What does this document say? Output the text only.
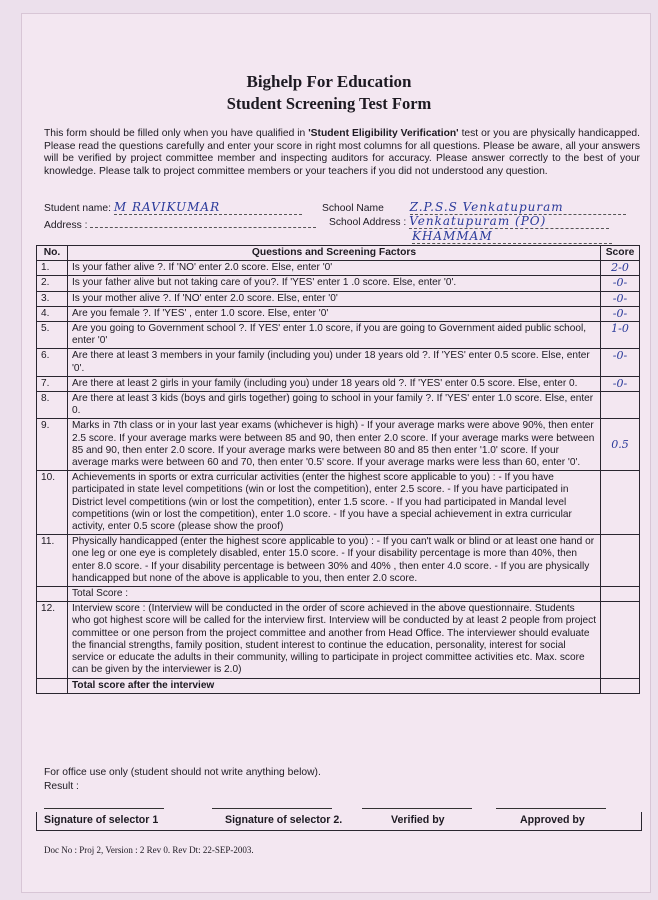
Bighelp For Education
Student Screening Test Form
This form should be filled only when you have qualified in 'Student Eligibility Verification' test or you are physically handicapped. Please read the questions carefully and enter your score in right most columns for all questions. Please be aware, all your answers will be verified by project committee member and inspecting auditors for accuracy. Please answer correctly to the best of your knowledge. Please talk to project committee members or your teachers if you did not understood any question.
Student name: M RAVIKUMAR	School Name Z.P.S.S Venkatupuram
Address :	School Address : Venkatupuram (PO)
KHAMMAM
No.	Questions and Screening Factors	Score
1.	Is your father alive ?. If 'NO' enter 2.0 score. Else, enter '0'	2-0
2.	Is your father alive but not taking care of you?. If 'YES' enter 1 .0 score. Else, enter '0'.	-0-
3.	Is your mother alive ?. If 'NO' enter 2.0 score. Else, enter '0'	-0-
4.	Are you female ?. If 'YES' , enter 1.0 score. Else, enter '0'	-0-
5.	Are you going to Government school ?. If YES' enter 1.0 score, if you are going to Government aided public school, enter '0'	1-0
6.	Are there at least 3 members in your family (including you) under 18 years old ?. If 'YES' enter 0.5 score. Else, enter '0'.	-0-
7.	Are there at least 2 girls in your family (including you) under 18 years old ?. If 'YES' enter 0.5 score. Else, enter 0.	-0-
8.	Are there at least 3 kids (boys and girls together) going to school in your family ?. If 'YES' enter 1.0 score. Else, enter 0.	
9.	Marks in 7th class or in your last year exams (whichever is high) - If your average marks were above 90%, then enter 2.5 score. If your average marks were between 85 and 90, then enter 2.0 score. If your average marks were between 85 and 90, then enter 2.0 score. If your average marks were between 80 and 85 then enter '1.0' score. If your average marks were between 60 and 70, then enter '0.5' score. If your average marks were less than 60, enter '0'.	0.5
10.	Achievements in sports or extra curricular activities (enter the highest score applicable to you) : - If you have participated in state level competitions (win or lost the competition), enter 2.5 score. - If you have participated in District level competitions (win or lost the competition), enter 1.5 score. - If you had participated in Mandal level competitions (win or lost the competition), enter 1.0 score. - If you have a special achievement in extra curricular activity, enter 0.5 score (please show the proof)	
11.	Physically handicapped (enter the highest score applicable to you) : - If you can't walk or blind or at least one hand or one leg or one eye is completely disabled, enter 15.0 score. - If your disability percentage is more than 40%, then enter 8.0 score. - If your disability percentage is between 30% and 40% , then enter 4.0 score. - If you are physically handicapped but none of the above is applicable to you, then enter 2.0 score.	
	Total Score :	
12.	Interview score : (Interview will be conducted in the order of score achieved in the above questionnaire. Students who got highest score will be called for the interview first. Interview will be conducted by at least 2 people from project committee or one person from the project committee and another from Head Office. The interviewer should evaluate the financial strengths, family position, student interest to continue the education, personality, interest for social service or educate the adults in their community, willing to participate in project committee activities etc. Max. score can be given by the interviewer is 2.0)	
	Total score after the interview	
For office use only (student should not write anything below).
Result :
Signature of selector 1	Signature of selector 2.	Verified by	Approved by
Doc No : Proj 2, Version : 2 Rev 0. Rev Dt: 22-SEP-2003.
